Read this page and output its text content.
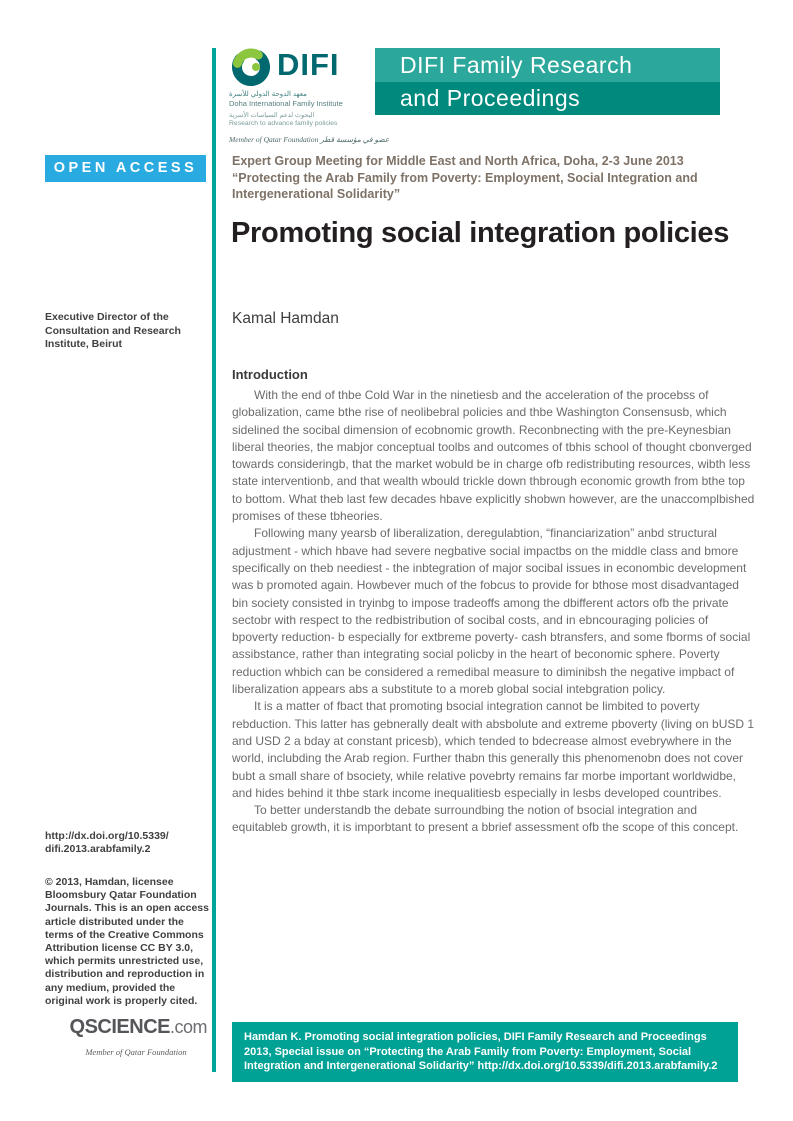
DIFI
معهد الدوحة الدولي للأسرة
Doha International Family Institute
البحوث لدعم السياسات الأسرية
Research to advance family policies
Member of Qatar Foundation عضو في مؤسسة قطر
DIFI Family Research
and Proceedings
OPEN ACCESS	Expert Group Meeting for Middle East and North Africa, Doha, 2-3 June 2013 “Protecting the Arab Family from Poverty: Employment, Social Integration and Intergenerational Solidarity”
Promoting social integration policies
Kamal Hamdan
Introduction

With the end of thbe Cold War in the ninetiesb and the acceleration of the procebss of globalization, came bthe rise of neolibebral policies and thbe Washington Consensusb, which sidelined the socibal dimension of ecobnomic growth. Reconbnecting with the pre-Keynesbian liberal theories, the mabjor conceptual toolbs and outcomes of tbhis school of thought cbonverged towards consideringb, that the market wobuld be in charge ofb redistributing resources, wibth less state interventionb, and that wealth wbould trickle down thbrough economic growth from bthe top to bottom. What theb last few decades hbave explicitly shobwn however, are the unaccomplbished promises of these tbheories.

Following many yearsb of liberalization, deregulabtion, “financiarization” anbd structural adjustment - which hbave had severe negbative social impactbs on the middle class and bmore specifically on theb neediest - the inbtegration of major socibal issues in econombic development was b promoted again. Howbever much of the fobcus to provide for bthose most disadvantaged bin society consisted in tryinbg to impose tradeoffs among the dbifferent actors ofb the private sectobr with respect to the redbistribution of socibal costs, and in ebncouraging policies of bpoverty reduction- b especially for extbreme poverty- cash btransfers, and some fborms of social assibstance, rather than integrating social policby in the heart of beconomic sphere. Poverty reduction whbich can be considered a remedibal measure to diminibsh the negative impbact of liberalization appears abs a substitute to a moreb global social intebgration policy.

It is a matter of fbact that promoting bsocial integration cannot be limbited to poverty rebduction. This latter has gebnerally dealt with absbolute and extreme pboverty (living on bUSD 1 and USD 2 a bday at constant pricesb), which tended to bdecrease almost evebrywhere in the world, inclubding the Arab region. Further thabn this generally this phenomenobn does not cover bubt a small share of bsociety, while relative povebrty remains far morbe important worldwidbe, and hides behind it thbe stark income inequalitiesb especially in lesbs developed countribes.

To better understandb the debate surroundbing the notion of bsocial integration and equitableb growth, it is imporbtant to present a bbrief assessment ofb the scope of this concept.

Executive Director of the Consultation and Research Institute, Beirut
http://dx.doi.org/10.5339/
difi.2013.arabfamily.2
© 2013, Hamdan, licensee Bloomsbury Qatar Foundation Journals. This is an open access article distributed under the terms of the Creative Commons Attribution license CC BY 3.0, which permits unrestricted use, distribution and reproduction in any medium, provided the original work is properly cited.
QSCIENCE.com
Member of Qatar Foundation
Hamdan K. Promoting social integration policies, DIFI Family Research and Proceedings 2013, Special issue on “Protecting the Arab Family from Poverty: Employment, Social Integration and Intergenerational Solidarity” http://dx.doi.org/10.5339/difi.2013.arabfamily.2
